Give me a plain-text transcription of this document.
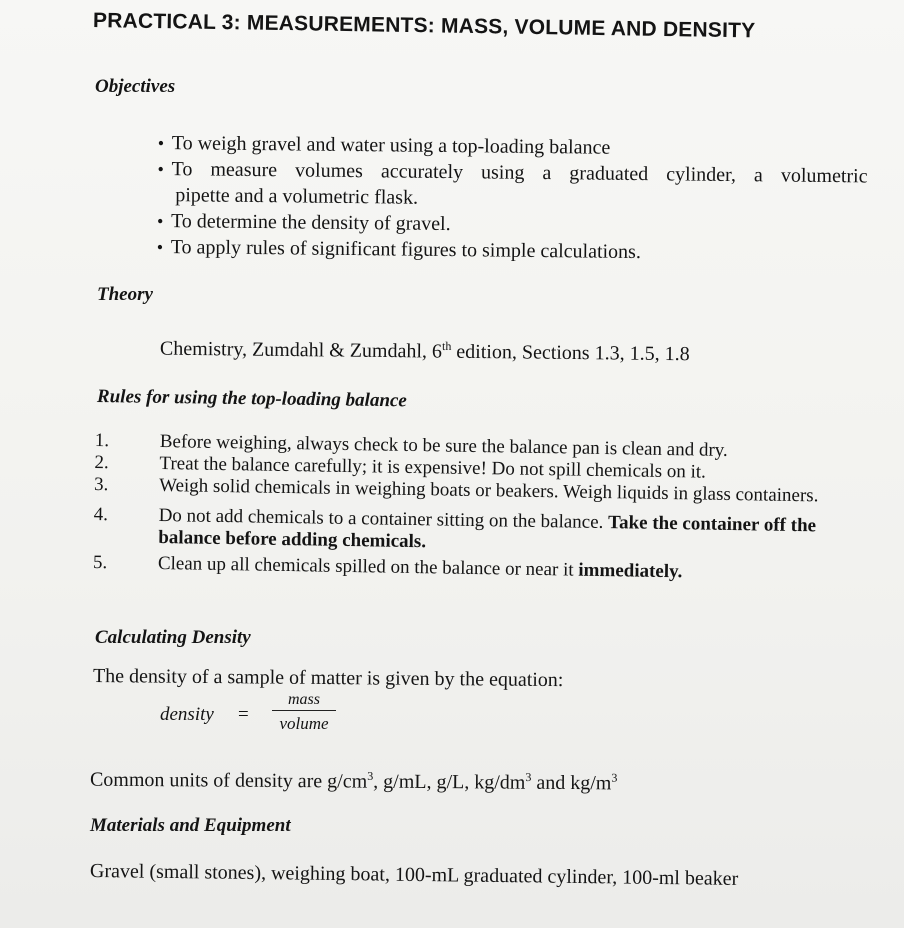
PRACTICAL 3: MEASUREMENTS: MASS, VOLUME AND DENSITY
Objectives
• To weigh gravel and water using a top-loading balance
• To measure volumes accurately using a graduated cylinder, a volumetric
pipette and a volumetric flask.
• To determine the density of gravel.
• To apply rules of significant figures to simple calculations.
Theory
Chemistry, Zumdahl & Zumdahl, 6th edition, Sections 1.3, 1.5, 1.8
Rules for using the top-loading balance
1.	Before weighing, always check to be sure the balance pan is clean and dry.
2.	Treat the balance carefully; it is expensive! Do not spill chemicals on it.
3.	Weigh solid chemicals in weighing boats or beakers. Weigh liquids in glass containers.
4.	Do not add chemicals to a container sitting on the balance. Take the container off the balance before adding chemicals.
5.	Clean up all chemicals spilled on the balance or near it immediately.
Calculating Density
The density of a sample of matter is given by the equation:
density =
mass
volume
Common units of density are $g/cm^3$, g/mL, g/L, $kg/dm^3$ and $kg/m^3$
Materials and Equipment
Gravel (small stones), weighing boat, 100-mL graduated cylinder, 100-ml beaker
